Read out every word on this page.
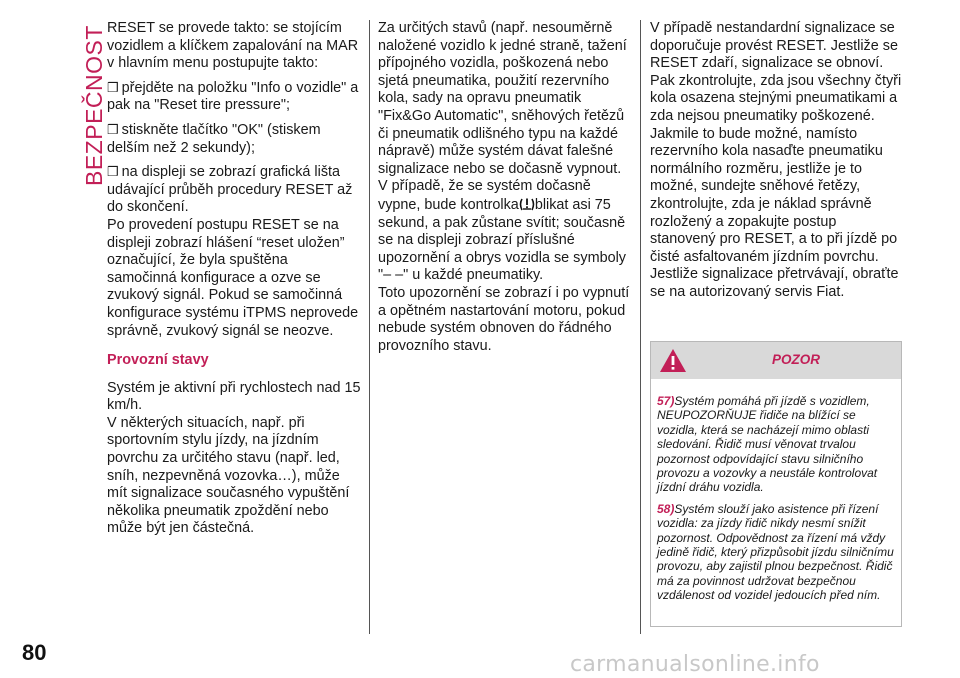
BEZPEČNOST RESET se provede takto: se stojícím vozidlem a klíčkem zapalování na MAR v hlavním menu postupujte takto:

❒ přejděte na položku "Info o vozidle" a pak na "Reset tire pressure";

❒ stiskněte tlačítko "OK" (stiskem delším než 2 sekundy);

❒ na displeji se zobrazí grafická lišta udávající průběh procedury RESET až do skončení.

Po provedení postupu RESET se na displeji zobrazí hlášení “reset uložen” označující, že byla spuštěna samočinná konfigurace a ozve se zvukový signál. Pokud se samočinná konfigurace systému iTPMS neprovede správně, zvukový signál se neozve.

Provozní stavy

Systém je aktivní při rychlostech nad 15 km/h.

V některých situacích, např. při sportovním stylu jízdy, na jízdním povrchu za určitého stavu (např. led, sníh, nezpevněná vozovka…), může mít signalizace současného vypuštění několika pneumatik zpoždění nebo může být jen částečná.

Za určitých stavů (např. nesouměrně naložené vozidlo k jedné straně, tažení přípojného vozidla, poškozená nebo sjetá pneumatika, použití rezervního kola, sady na opravu pneumatik "Fix&Go Automatic", sněhových řetězů či pneumatik odlišného typu na každé nápravě) může systém dávat falešné signalizace nebo se dočasně vypnout. V případě, že se systém dočasně vypne, bude kontrolka blikat asi 75 sekund, a pak zůstane svítit; současně se na displeji zobrazí příslušné upozornění a obrys vozidla se symboly "– –" u každé pneumatiky.

Toto upozornění se zobrazí i po vypnutí a opětném nastartování motoru, pokud nebude systém obnoven do řádného provozního stavu.

V případě nestandardní signalizace se doporučuje provést RESET. Jestliže se RESET zdaří, signalizace se obnoví. Pak zkontrolujte, zda jsou všechny čtyři kola osazena stejnými pneumatikami a zda nejsou pneumatiky poškozené. Jakmile to bude možné, namísto rezervního kola nasaďte pneumatiku normálního rozměru, jestliže je to možné, sundejte sněhové řetězy, zkontrolujte, zda je náklad správně rozložený a zopakujte postup stanovený pro RESET, a to při jízdě po čisté asfaltovaném jízdním povrchu. Jestliže signalizace přetrvávají, obraťte se na autorizovaný servis Fiat.

POZOR

57)Systém pomáhá při jízdě s vozidlem, NEUPOZORŇUJE řidiče na blížící se vozidla, která se nacházejí mimo oblasti sledování. Řidič musí věnovat trvalou pozornost odpovídající stavu silničního provozu a vozovky a neustále kontrolovat jízdní dráhu vozidla.

58)Systém slouží jako asistence při řízení vozidla: za jízdy řidič nikdy nesmí snížit pozornost. Odpovědnost za řízení má vždy jedině řidič, který přizpůsobit jízdu silničnímu provozu, aby zajistil plnou bezpečnost. Řidič má za povinnost udržovat bezpečnou vzdálenost od vozidel jedoucích před ním.

80	carmanualsonline.info
